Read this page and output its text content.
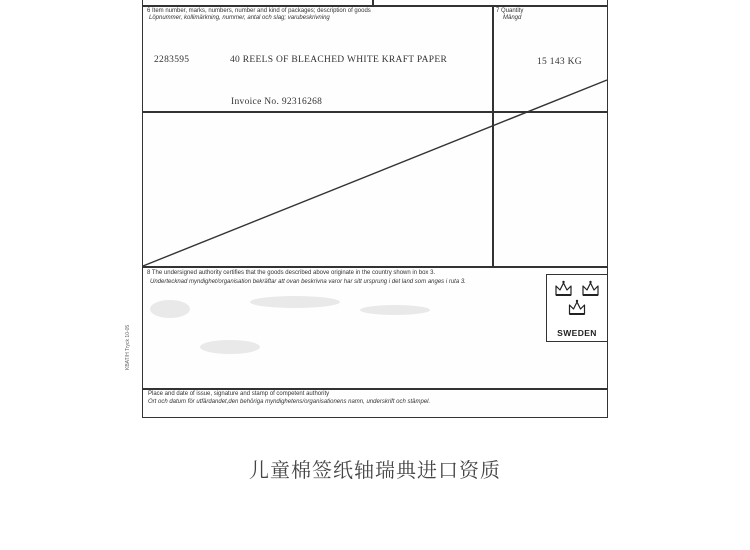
6 Item number, marks, numbers, number and kind of packages; description of goods
Löpnummer, kollimärkning, nummer, antal och slag; varubeskrivning
7 Quantity
Mängd
2283595	40 REELS OF BLEACHED WHITE KRAFT PAPER	15 143 KG
Invoice No. 92316268
8 The undersigned authority certifies that the goods described above originate in the country shown in box 3.
Undertecknad myndighet/organisation bekräftar att ovan beskrivna varor har sitt ursprung i det land som anges i ruta 3.
SWEDEN
Place and date of issue, signature and stamp of competent authority
Ort och datum för utfärdandet,den behöriga myndighetens/organisationens namn, underskrift och stämpel.
KBAT/H Tryck 10-05
儿童棉签纸轴瑞典进口资质
